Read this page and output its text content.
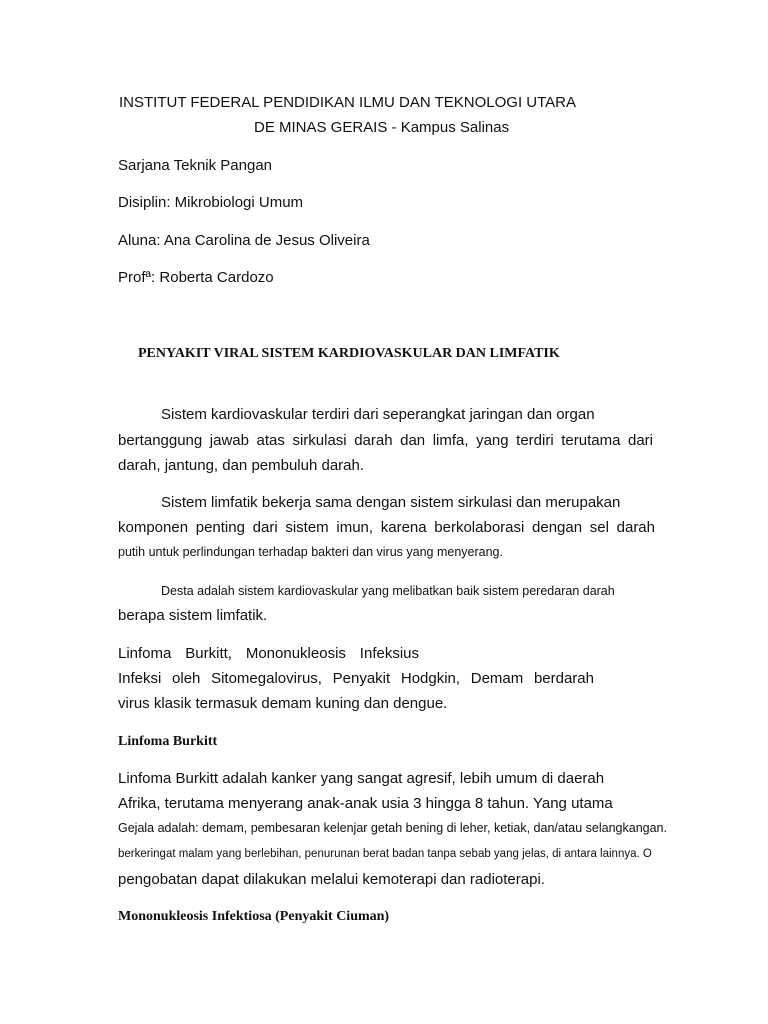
INSTITUT FEDERAL PENDIDIKAN ILMU DAN TEKNOLOGI UTARA
DE MINAS GERAIS - Kampus Salinas
Sarjana Teknik Pangan
Disiplin: Mikrobiologi Umum
Aluna: Ana Carolina de Jesus Oliveira
Profª: Roberta Cardozo
PENYAKIT VIRAL SISTEM KARDIOVASKULAR DAN LIMFATIK
Sistem kardiovaskular terdiri dari seperangkat jaringan dan organ
bertanggung jawab atas sirkulasi darah dan limfa, yang terdiri terutama dari
darah, jantung, dan pembuluh darah.
Sistem limfatik bekerja sama dengan sistem sirkulasi dan merupakan
komponen penting dari sistem imun, karena berkolaborasi dengan sel darah
putih untuk perlindungan terhadap bakteri dan virus yang menyerang.
Desta adalah sistem kardiovaskular yang melibatkan baik sistem peredaran darah
berapa sistem limfatik.
Linfoma Burkitt, Mononukleosis Infeksius
Infeksi oleh Sitomegalovirus, Penyakit Hodgkin, Demam berdarah
virus klasik termasuk demam kuning dan dengue.
Linfoma Burkitt
Linfoma Burkitt adalah kanker yang sangat agresif, lebih umum di daerah
Afrika, terutama menyerang anak-anak usia 3 hingga 8 tahun. Yang utama
Gejala adalah: demam, pembesaran kelenjar getah bening di leher, ketiak, dan/atau selangkangan.
berkeringat malam yang berlebihan, penurunan berat badan tanpa sebab yang jelas, di antara lainnya. O
pengobatan dapat dilakukan melalui kemoterapi dan radioterapi.
Mononukleosis Infektiosa (Penyakit Ciuman)
